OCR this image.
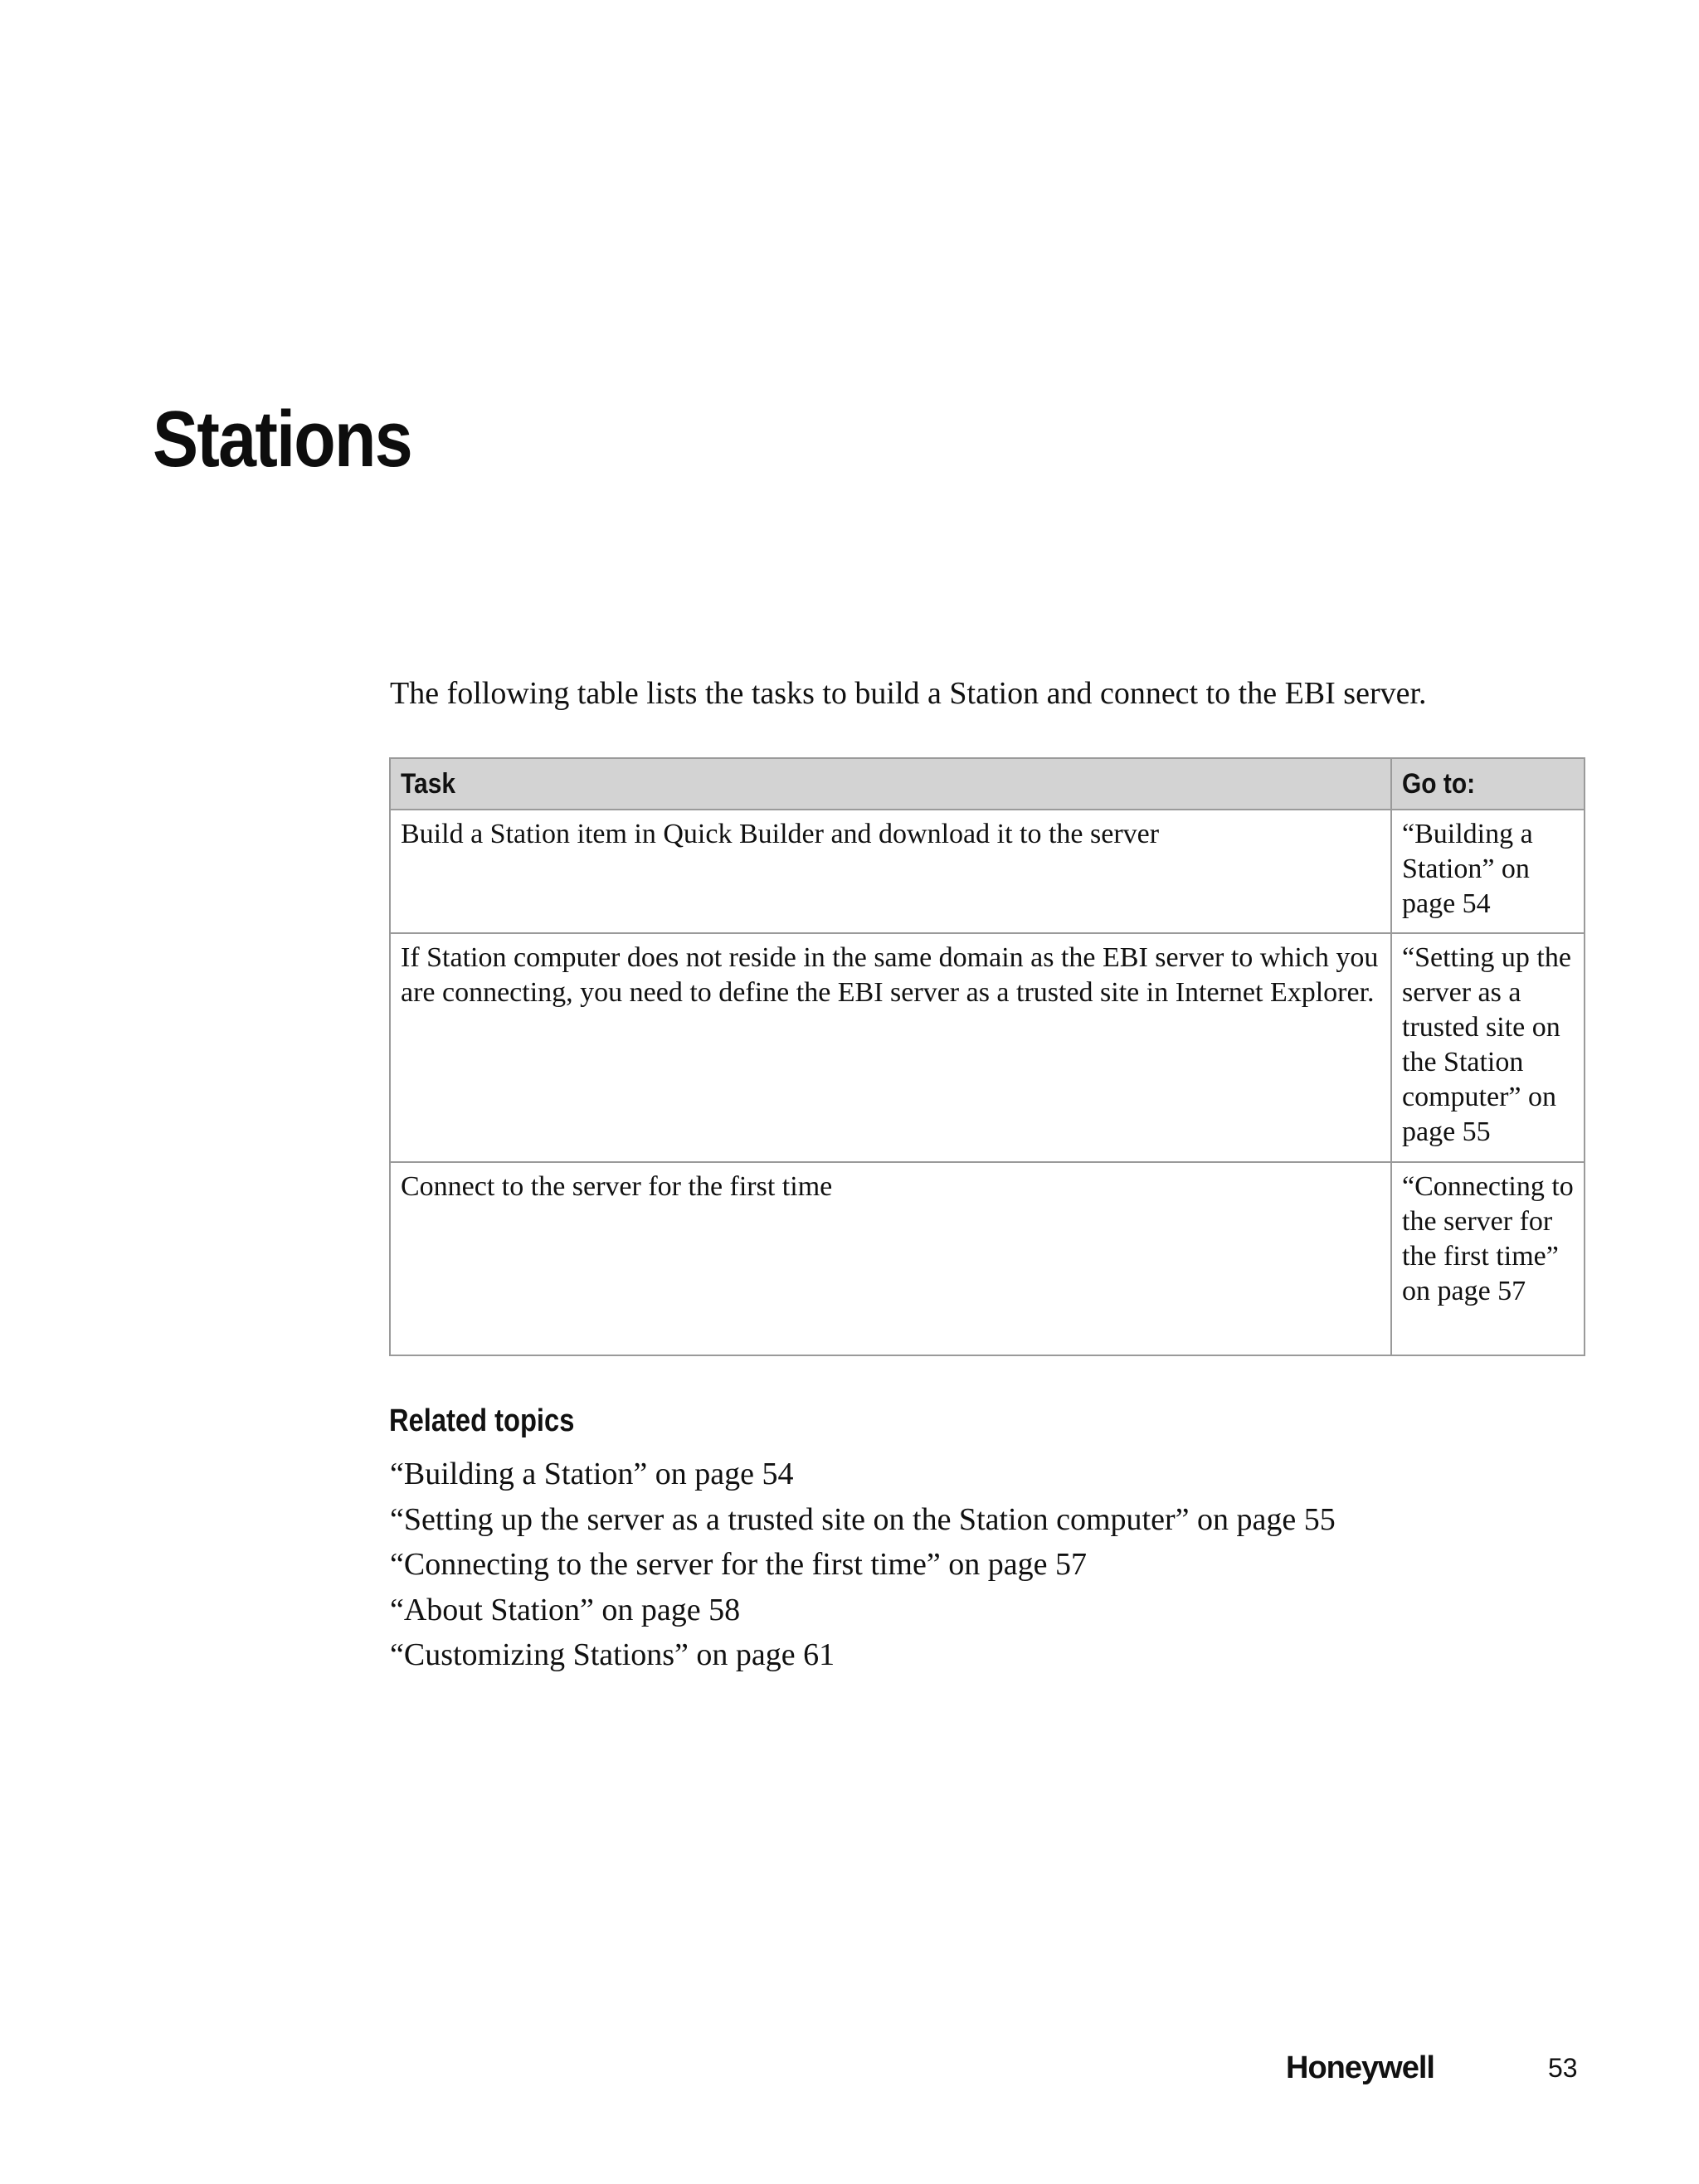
Stations

The following table lists the tasks to build a Station and connect to the EBI server.

Task	Go to:
Build a Station item in Quick Builder and download it to the server	“Building a Station” on page 54
If Station computer does not reside in the same domain as the EBI server to which you are connecting, you need to define the EBI server as a trusted site in Internet Explorer.	“Setting up the server as a trusted site on the Station computer” on page 55
Connect to the server for the first time	“Connecting to the server for the first time” on page 57
Related topics
“Building a Station” on page 54
“Setting up the server as a trusted site on the Station computer” on page 55
“Connecting to the server for the first time” on page 57
“About Station” on page 58
“Customizing Stations” on page 61
Honeywell	53
